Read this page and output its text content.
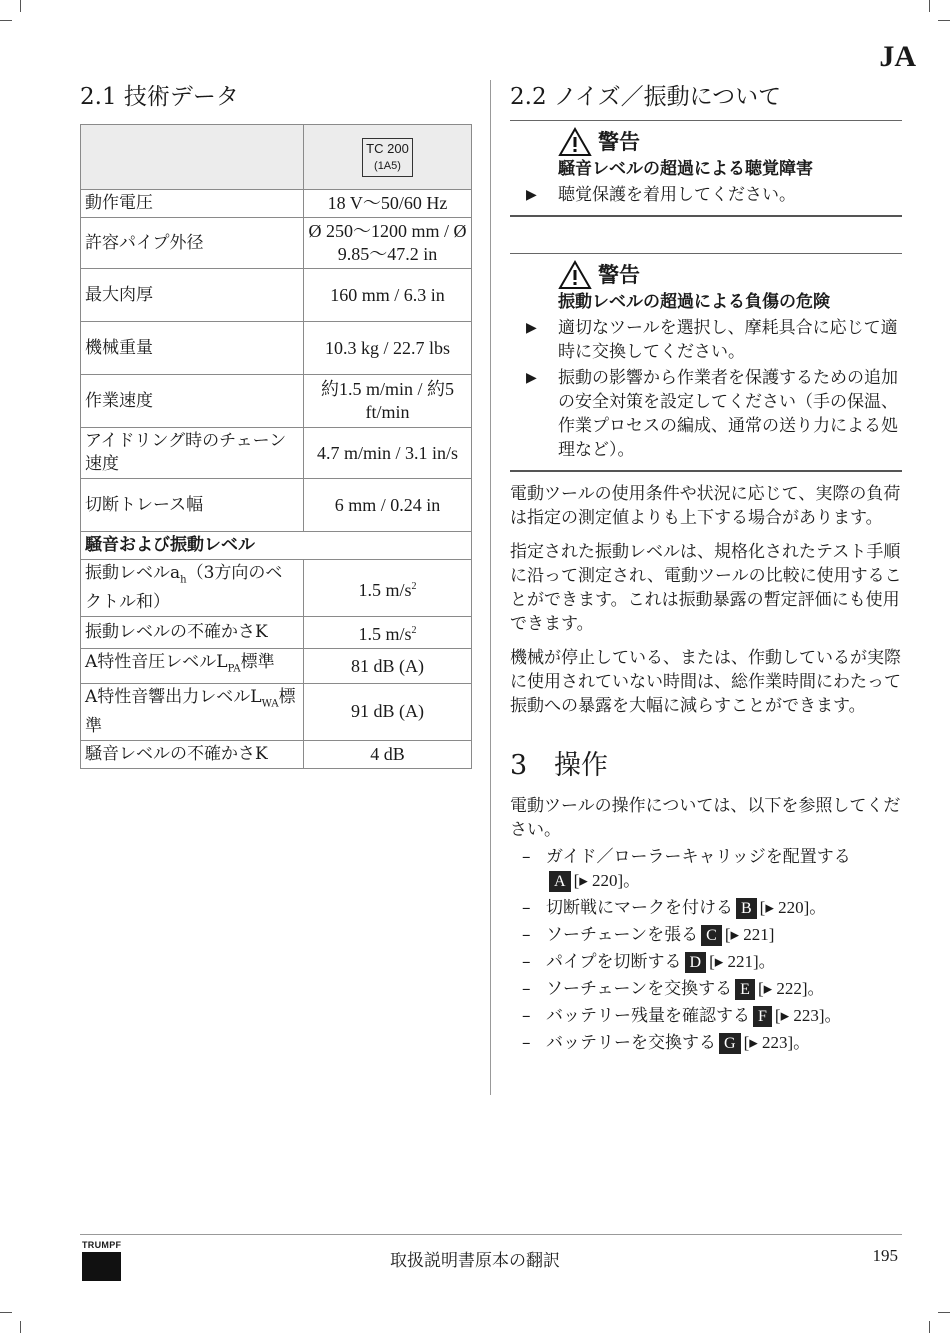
JA
2.1 技術データ
	TC 200
(1A5)
動作電圧	18 V～50/60 Hz
許容パイプ外径	Ø 250～1200 mm / Ø 9.85～47.2 in
最大肉厚	160 mm / 6.3 in
機械重量	10.3 kg / 22.7 lbs
作業速度	約1.5 m/min / 約5 ft/min
アイドリング時のチェーン速度	4.7 m/min / 3.1 in/s
切断トレース幅	6 mm / 0.24 in
騒音および振動レベル	
振動レベル$a_h(3$方向のベクトル和）	1.5 $m/s^2$
振動レベルの不確かさK	1.5 $m/s^2$
A特性音圧レベル$L_{PA}$標準	81 dB (A)
A特性音響出力レベル$L_{WA}$標準	91 dB (A)
騒音レベルの不確かさK	4 dB
2.2 ノイズ／振動について
警告
騒音レベルの超過による聴覚障害
▶	聴覚保護を着用してください。
警告
振動レベルの超過による負傷の危険
▶	適切なツールを選択し、摩耗具合に応じて適時に交換してください。
▶	振動の影響から作業者を保護するための追加の安全対策を設定してください（手の保温、作業プロセスの編成、通常の送り力による処理など）。

電動ツールの使用条件や状況に応じて、実際の負荷は指定の測定値よりも上下する場合があります。

指定された振動レベルは、規格化されたテスト手順に沿って測定され、電動ツールの比較に使用することができます。これは振動暴露の暫定評価にも使用できます。

機械が停止している、または、作動しているが実際に使用されていない時間は、総作業時間にわたって振動への暴露を大幅に減らすことができます。

3 操作

電動ツールの操作については、以下を参照してください。

– ガイド／ローラーキャリッジを配置する
A [▸ 220]。
– 切断戦にマークを付ける B [▸ 220]。
– ソーチェーンを張る C [▸ 221]
– パイプを切断する D [▸ 221]。
– ソーチェーンを交換する E [▸ 222]。
– バッテリー残量を確認する F [▸ 223]。
– バッテリーを交換する G [▸ 223]。
TRUMPF
取扱説明書原本の翻訳	195
